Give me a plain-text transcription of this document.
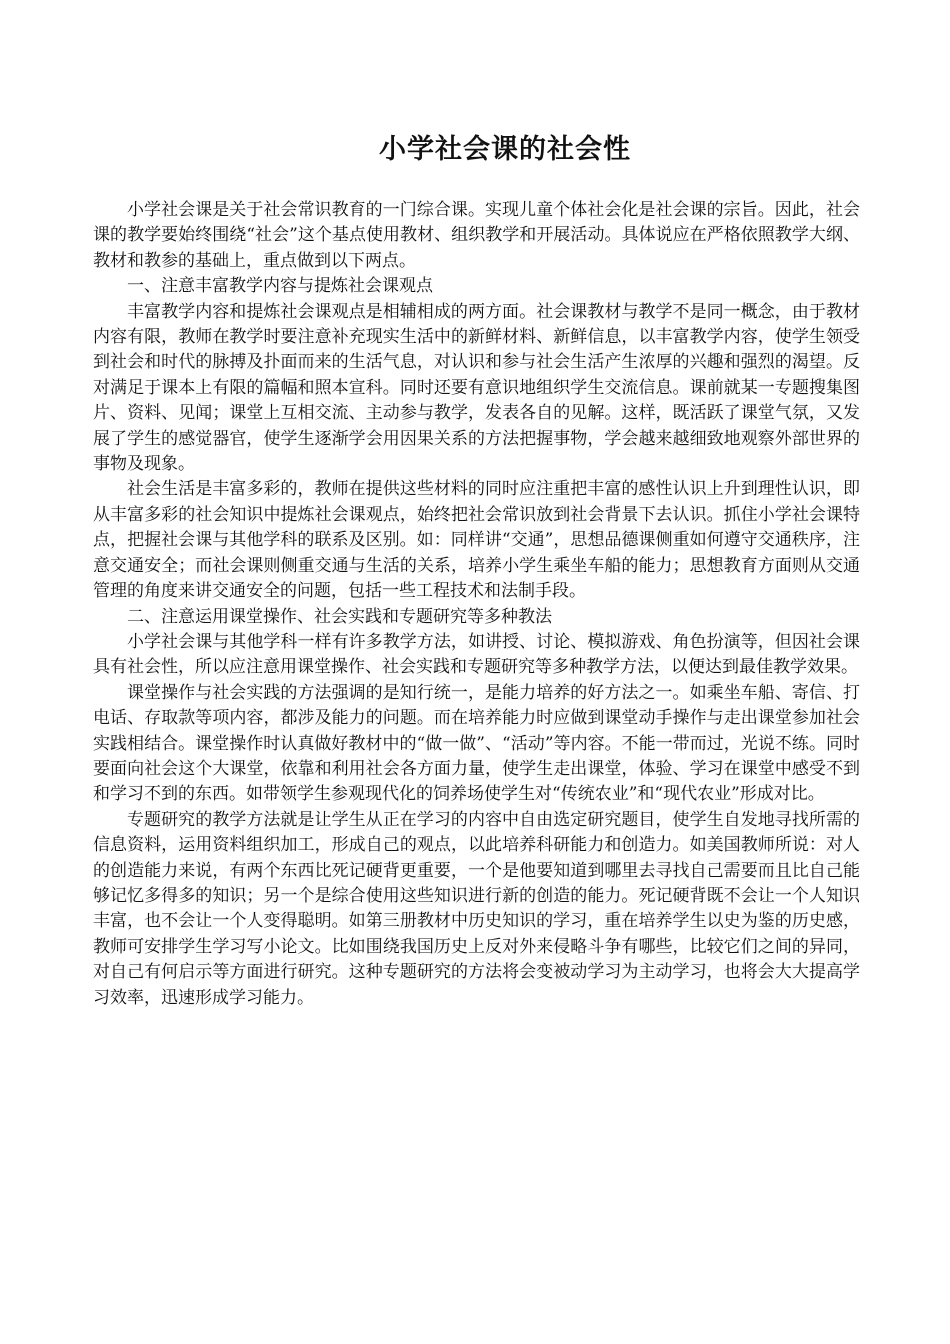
小学社会课的社会性

小学社会课是关于社会常识教育的一门综合课。实现儿童个体社会化是社会课的宗旨。因此，社会课的教学要始终围绕“社会”这个基点使用教材、组织教学和开展活动。具体说应在严格依照教学大纲、教材和教参的基础上，重点做到以下两点。

一、注意丰富教学内容与提炼社会课观点

丰富教学内容和提炼社会课观点是相辅相成的两方面。社会课教材与教学不是同一概念，由于教材内容有限，教师在教学时要注意补充现实生活中的新鲜材料、新鲜信息，以丰富教学内容，使学生领受到社会和时代的脉搏及扑面而来的生活气息，对认识和参与社会生活产生浓厚的兴趣和强烈的渴望。反对满足于课本上有限的篇幅和照本宣科。同时还要有意识地组织学生交流信息。课前就某一专题搜集图片、资料、见闻；课堂上互相交流、主动参与教学，发表各自的见解。这样，既活跃了课堂气氛，又发展了学生的感觉器官，使学生逐渐学会用因果关系的方法把握事物，学会越来越细致地观察外部世界的事物及现象。

社会生活是丰富多彩的，教师在提供这些材料的同时应注重把丰富的感性认识上升到理性认识，即从丰富多彩的社会知识中提炼社会课观点，始终把社会常识放到社会背景下去认识。抓住小学社会课特点，把握社会课与其他学科的联系及区别。如：同样讲“交通”，思想品德课侧重如何遵守交通秩序，注意交通安全；而社会课则侧重交通与生活的关系，培养小学生乘坐车船的能力；思想教育方面则从交通管理的角度来讲交通安全的问题，包括一些工程技术和法制手段。

二、注意运用课堂操作、社会实践和专题研究等多种教法

小学社会课与其他学科一样有许多教学方法，如讲授、讨论、模拟游戏、角色扮演等，但因社会课具有社会性，所以应注意用课堂操作、社会实践和专题研究等多种教学方法，以便达到最佳教学效果。

课堂操作与社会实践的方法强调的是知行统一，是能力培养的好方法之一。如乘坐车船、寄信、打电话、存取款等项内容，都涉及能力的问题。而在培养能力时应做到课堂动手操作与走出课堂参加社会实践相结合。课堂操作时认真做好教材中的“做一做”、“活动”等内容。不能一带而过，光说不练。同时要面向社会这个大课堂，依靠和利用社会各方面力量，使学生走出课堂，体验、学习在课堂中感受不到和学习不到的东西。如带领学生参观现代化的饲养场使学生对“传统农业”和“现代农业”形成对比。

专题研究的教学方法就是让学生从正在学习的内容中自由选定研究题目，使学生自发地寻找所需的信息资料，运用资料组织加工，形成自己的观点，以此培养科研能力和创造力。如美国教师所说：对人的创造能力来说，有两个东西比死记硬背更重要，一个是他要知道到哪里去寻找自己需要而且比自己能够记忆多得多的知识；另一个是综合使用这些知识进行新的创造的能力。死记硬背既不会让一个人知识丰富，也不会让一个人变得聪明。如第三册教材中历史知识的学习，重在培养学生以史为鉴的历史感，教师可安排学生学习写小论文。比如围绕我国历史上反对外来侵略斗争有哪些，比较它们之间的异同，对自己有何启示等方面进行研究。这种专题研究的方法将会变被动学习为主动学习，也将会大大提高学习效率，迅速形成学习能力。
